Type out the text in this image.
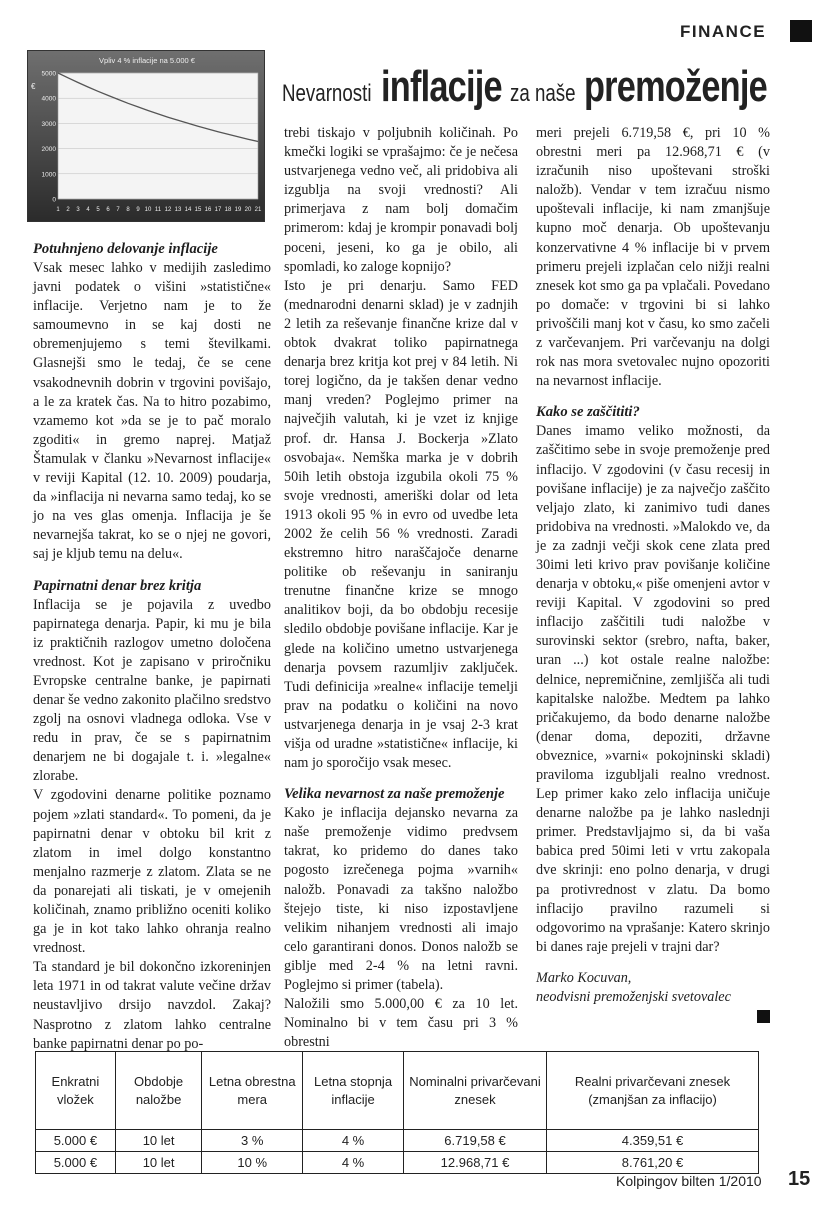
FINANCE
Nevarnosti inflacije za naše premoženje
Vpliv 4 % inflacije na 5.000 €
€
0
1000
2000
3000
4000
5000
1 2 3 4 5 6 7 8 9 10 11 12 13 14 15 16 17 18 19 20 21
Potuhnjeno delovanje inflacije

Vsak mesec lahko v medijih zasledimo javni podatek o višini »statistične« inflacije. Verjetno nam je to že samoumevno in se kaj dosti ne obremenjujemo s temi številkami. Glasnejši smo le tedaj, če se cene vsakodnevnih dobrin v trgovini povišajo, a le za kratek čas. Na to hitro pozabimo, vzamemo kot »da se je to pač moralo zgoditi« in gremo naprej. Matjaž Štamulak v članku »Nevarnost inflacije« v reviji Kapital (12. 10. 2009) poudarja, da »inflacija ni nevarna samo tedaj, ko se jo na ves glas omenja. Inflacija je še nevarnejša takrat, ko se o njej ne govori, saj je kljub temu na delu«.

Papirnatni denar brez kritja

Inflacija se je pojavila z uvedbo papirnatega denarja. Papir, ki mu je bila iz praktičnih razlogov umetno določena vrednost. Kot je zapisano v priročniku Evropske centralne banke, je papirnati denar še vedno zakonito plačilno sredstvo zgolj na osnovi vladnega odloka. Vse v redu in prav, če se s papirnatnim denarjem ne bi dogajale t. i. »legalne« zlorabe.

V zgodovini denarne politike poznamo pojem »zlati standard«. To pomeni, da je papirnatni denar v obtoku bil krit z zlatom in imel dolgo konstantno menjalno razmerje z zlatom. Zlata se ne da ponarejati ali tiskati, je v omejenih količinah, znamo približno oceniti koliko ga je in kot tako lahko ohranja realno vrednost.

Ta standard je bil dokončno izkoreninjen leta 1971 in od takrat valute večine držav neustavljivo drsijo navzdol. Zakaj? Nasprotno z zlatom lahko centralne banke papirnatni denar po po-

trebi tiskajo v poljubnih količinah. Po kmečki logiki se vprašajmo: če je nečesa ustvarjenega vedno več, ali pridobiva ali izgublja na svoji vrednosti? Ali primerjava z nam bolj domačim primerom: kdaj je krompir ponavadi bolj poceni, jeseni, ko ga je obilo, ali spomladi, ko zaloge kopnijo?

Isto je pri denarju. Samo FED (mednarodni denarni sklad) je v zadnjih 2 letih za reševanje finančne krize dal v obtok dvakrat toliko papirnatnega denarja brez kritja kot prej v 84 letih. Ni torej logično, da je takšen denar vedno manj vreden? Poglejmo primer na največjih valutah, ki je vzet iz knjige prof. dr. Hansa J. Bockerja »Zlato osvobaja«. Nemška marka je v dobrih 50ih letih obstoja izgubila okoli 75 % svoje vrednosti, ameriški dolar od leta 1913 okoli 95 % in evro od uvedbe leta 2002 že celih 56 % vrednosti. Zaradi ekstremno hitro naraščajoče denarne politike ob reševanju in saniranju trenutne finančne krize se mnogo analitikov boji, da bo obdobju recesije sledilo obdobje povišane inflacije. Kar je glede na količino umetno ustvarjenega denarja povsem razumljiv zaključek. Tudi definicija »realne« inflacije temelji prav na podatku o količini na novo ustvarjenega denarja in je vsaj 2-3 krat višja od uradne »statistične« inflacije, ki nam jo sporočijo vsak mesec.

Velika nevarnost za naše premoženje

Kako je inflacija dejansko nevarna za naše premoženje vidimo predvsem takrat, ko pridemo do danes tako pogosto izrečenega pojma »varnih« naložb. Ponavadi za takšno naložbo štejejo tiste, ki niso izpostavljene velikim nihanjem vrednosti ali imajo celo garantirani donos. Donos naložb se giblje med 2-4 % na letni ravni. Poglejmo si primer (tabela).

Naložili smo 5.000,00 € za 10 let. Nominalno bi v tem času pri 3 % obrestni

meri prejeli 6.719,58 €, pri 10 % obrestni meri pa 12.968,71 € (v izračunih niso upoštevani stroški naložb). Vendar v tem izračuu nismo upoštevali inflacije, ki nam zmanjšuje kupno moč denarja. Ob upoštevanju konzervativne 4 % inflacije bi v prvem primeru prejeli izplačan celo nižji realni znesek kot smo ga pa vplačali. Povedano po domače: v trgovini bi si lahko privoščili manj kot v času, ko smo začeli z varčevanjem. Pri varčevanju na dolgi rok nas mora svetovalec nujno opozoriti na nevarnost inflacije.

Kako se zaščititi?

Danes imamo veliko možnosti, da zaščitimo sebe in svoje premoženje pred inflacijo. V zgodovini (v času recesij in povišane inflacije) je za največjo zaščito veljajo zlato, ki zanimivo tudi danes pridobiva na vrednosti. »Malokdo ve, da je za zadnji večji skok cene zlata pred 30imi leti krivo prav povišanje količine denarja v obtoku,« piše omenjeni avtor v reviji Kapital. V zgodovini so pred inflacijo zaščitili tudi naložbe v surovinski sektor (srebro, nafta, baker, uran ...) kot ostale realne naložbe: delnice, nepremičnine, zemljišča ali tudi kapitalske naložbe. Medtem pa lahko pričakujemo, da bodo denarne naložbe (denar doma, depoziti, državne obveznice, »varni« pokojninski skladi) praviloma izgubljali realno vrednost. Lep primer kako zelo inflacija uničuje denarne naložbe pa je lahko naslednji primer. Predstavljajmo si, da bi vaša babica pred 50imi leti v vrtu zakopala dve skrinji: eno polno denarja, v drugi pa protivrednost v zlatu. Da bomo inflacijo pravilno razumeli si odgovorimo na vprašanje: Katero skrinjo bi danes raje prejeli v trajni dar?

Marko Kocuvan,

neodvisni premoženjski svetovalec

Enkratni vložek	Obdobje naložbe	Letna obrestna mera	Letna stopnja inflacije	Nominalni privarčevani znesek	Realni privarčevani znesek (zmanjšan za inflacijo)
5.000 €	10 let	3 %	4 %	6.719,58 €	4.359,51 €
5.000 €	10 let	10 %	4 %	12.968,71 €	8.761,20 €
Kolpingov bilten 1/2010 15
